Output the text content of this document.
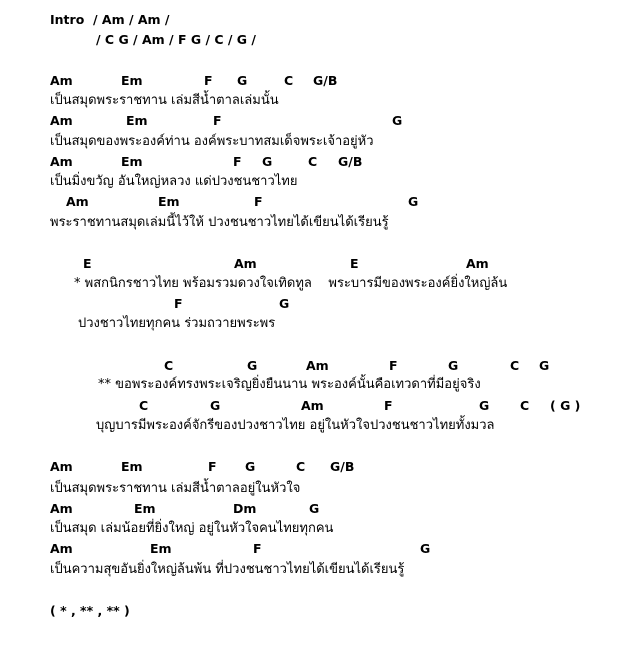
Intro  / Am / Am /
/ C G / Am / F G / C / G /
Am	Em	F G	C G/B
เป็นสมุดพระราชทาน เล่มสีน้ำตาลเล่มนั้น
Am	Em	F	G
เป็นสมุดของพระองค์ท่าน องค์พระบาทสมเด็จพระเจ้าอยู่หัว
Am	Em	F G	C G/B
เป็นมิ่งขวัญ อันใหญ่หลวง แด่ปวงชนชาวไทย
Am	Em	F	G
พระราชทานสมุดเล่มนี้ไว้ให้ ปวงชนชาวไทยได้เขียนได้เรียนรู้
E	Am	E	Am
* พสกนิกรชาวไทย พร้อมรวมดวงใจเทิดทูล    พระบารมีของพระองค์ยิ่งใหญ่ล้น
F	G
ปวงชาวไทยทุกคน ร่วมถวายพระพร
C	G	Am	F	G	C G
** ขอพระองค์ทรงพระเจริญยิ่งยืนนาน พระองค์นั้นคือเทวดาที่มีอยู่จริง
C	G	Am	F	G C ( G )
บุญบารมีพระองค์จักรีของปวงชาวไทย อยู่ในหัวใจปวงชนชาวไทยทั้งมวล
Am	Em	F G	C G/B
เป็นสมุดพระราชทาน เล่มสีน้ำตาลอยู่ในหัวใจ
Am	Em	Dm	G
เป็นสมุด เล่มน้อยที่ยิ่งใหญ่ อยู่ในหัวใจคนไทยทุกคน
Am	Em	F	G
เป็นความสุขอันยิ่งใหญ่ล้นพ้น ที่ปวงชนชาวไทยได้เขียนได้เรียนรู้
( * , ** , ** )
